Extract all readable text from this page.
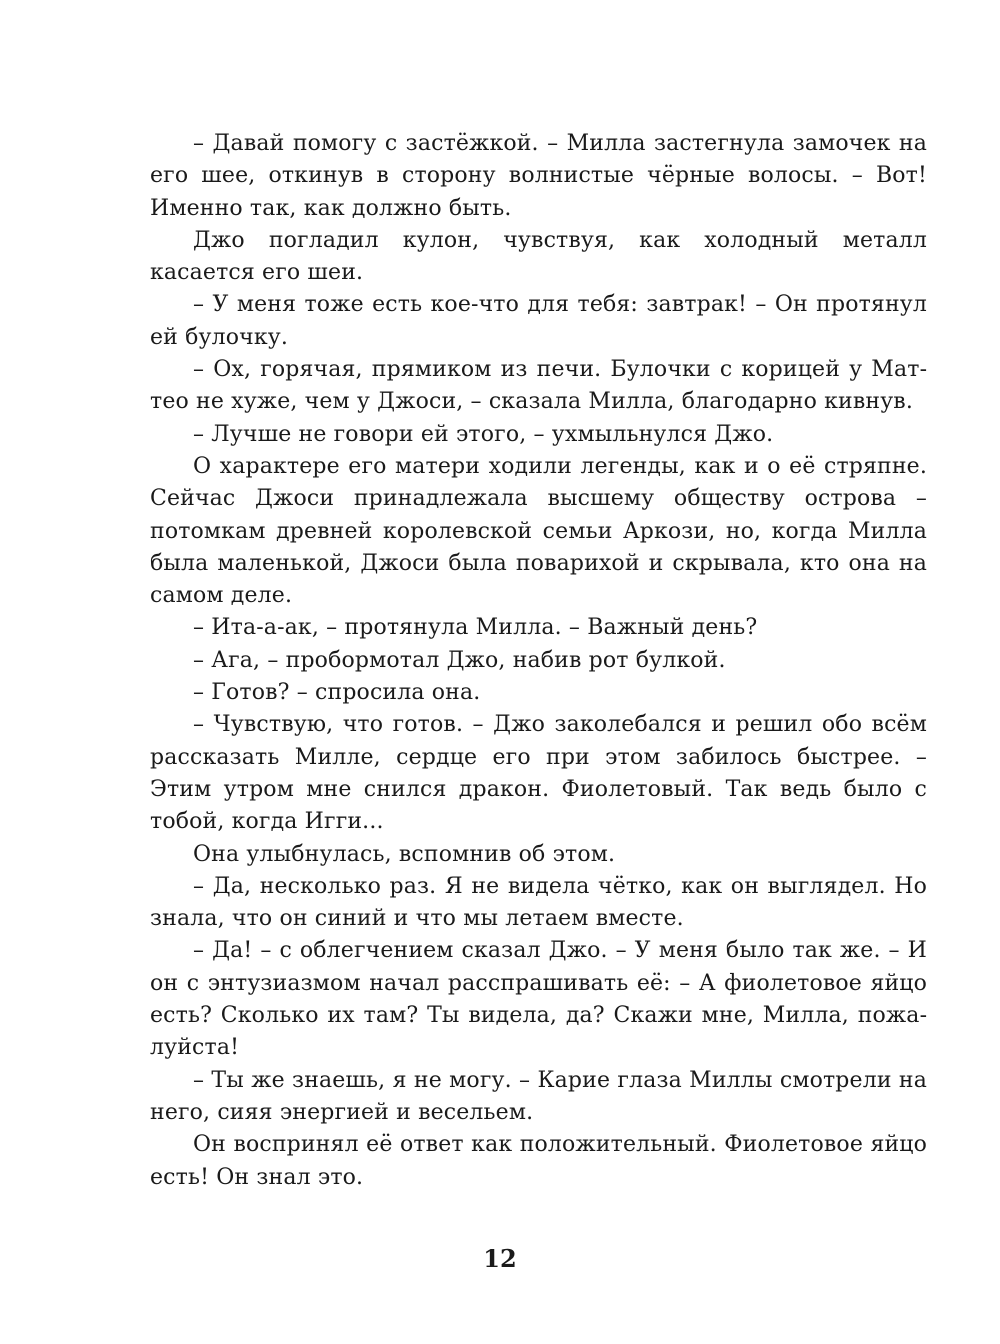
– Давай помогу с застёжкой. – Милла застегнула замочек на его шее, откинув в сторону волнистые чёрные волосы. – Вот! Именно так, как должно быть.

Джо погладил кулон, чувствуя, как холодный металл касается его шеи.

– У меня тоже есть кое-что для тебя: завтрак! – Он протянул ей булочку.

– Ох, горячая, прямиком из печи. Булочки с корицей у Маттео не хуже, чем у Джоси, – сказала Милла, благодарно кивнув.

– Лучше не говори ей этого, – ухмыльнулся Джо.

О характере его матери ходили легенды, как и о её стряпне. Сейчас Джоси принадлежала высшему обществу острова – потомкам древней королевской семьи Аркози, но, когда Милла была маленькой, Джоси была поварихой и скрывала, кто она на самом деле.

– Ита-а-ак, – протянула Милла. – Важный день?

– Ага, – пробормотал Джо, набив рот булкой.

– Готов? – спросила она.

– Чувствую, что готов. – Джо заколебался и решил обо всём рассказать Милле, сердце его при этом забилось быстрее. – Этим утром мне снился дракон. Фиолетовый. Так ведь было с тобой, когда Игги...

Она улыбнулась, вспомнив об этом.

– Да, несколько раз. Я не видела чётко, как он выглядел. Но знала, что он синий и что мы летаем вместе.

– Да! – с облегчением сказал Джо. – У меня было так же. – И он с энтузиазмом начал расспрашивать её: – А фиолетовое яйцо есть? Сколько их там? Ты видела, да? Скажи мне, Милла, пожалуйста!

– Ты же знаешь, я не могу. – Карие глаза Миллы смотрели на него, сияя энергией и весельем.

Он воспринял её ответ как положительный. Фиолетовое яйцо есть! Он знал это.

12
